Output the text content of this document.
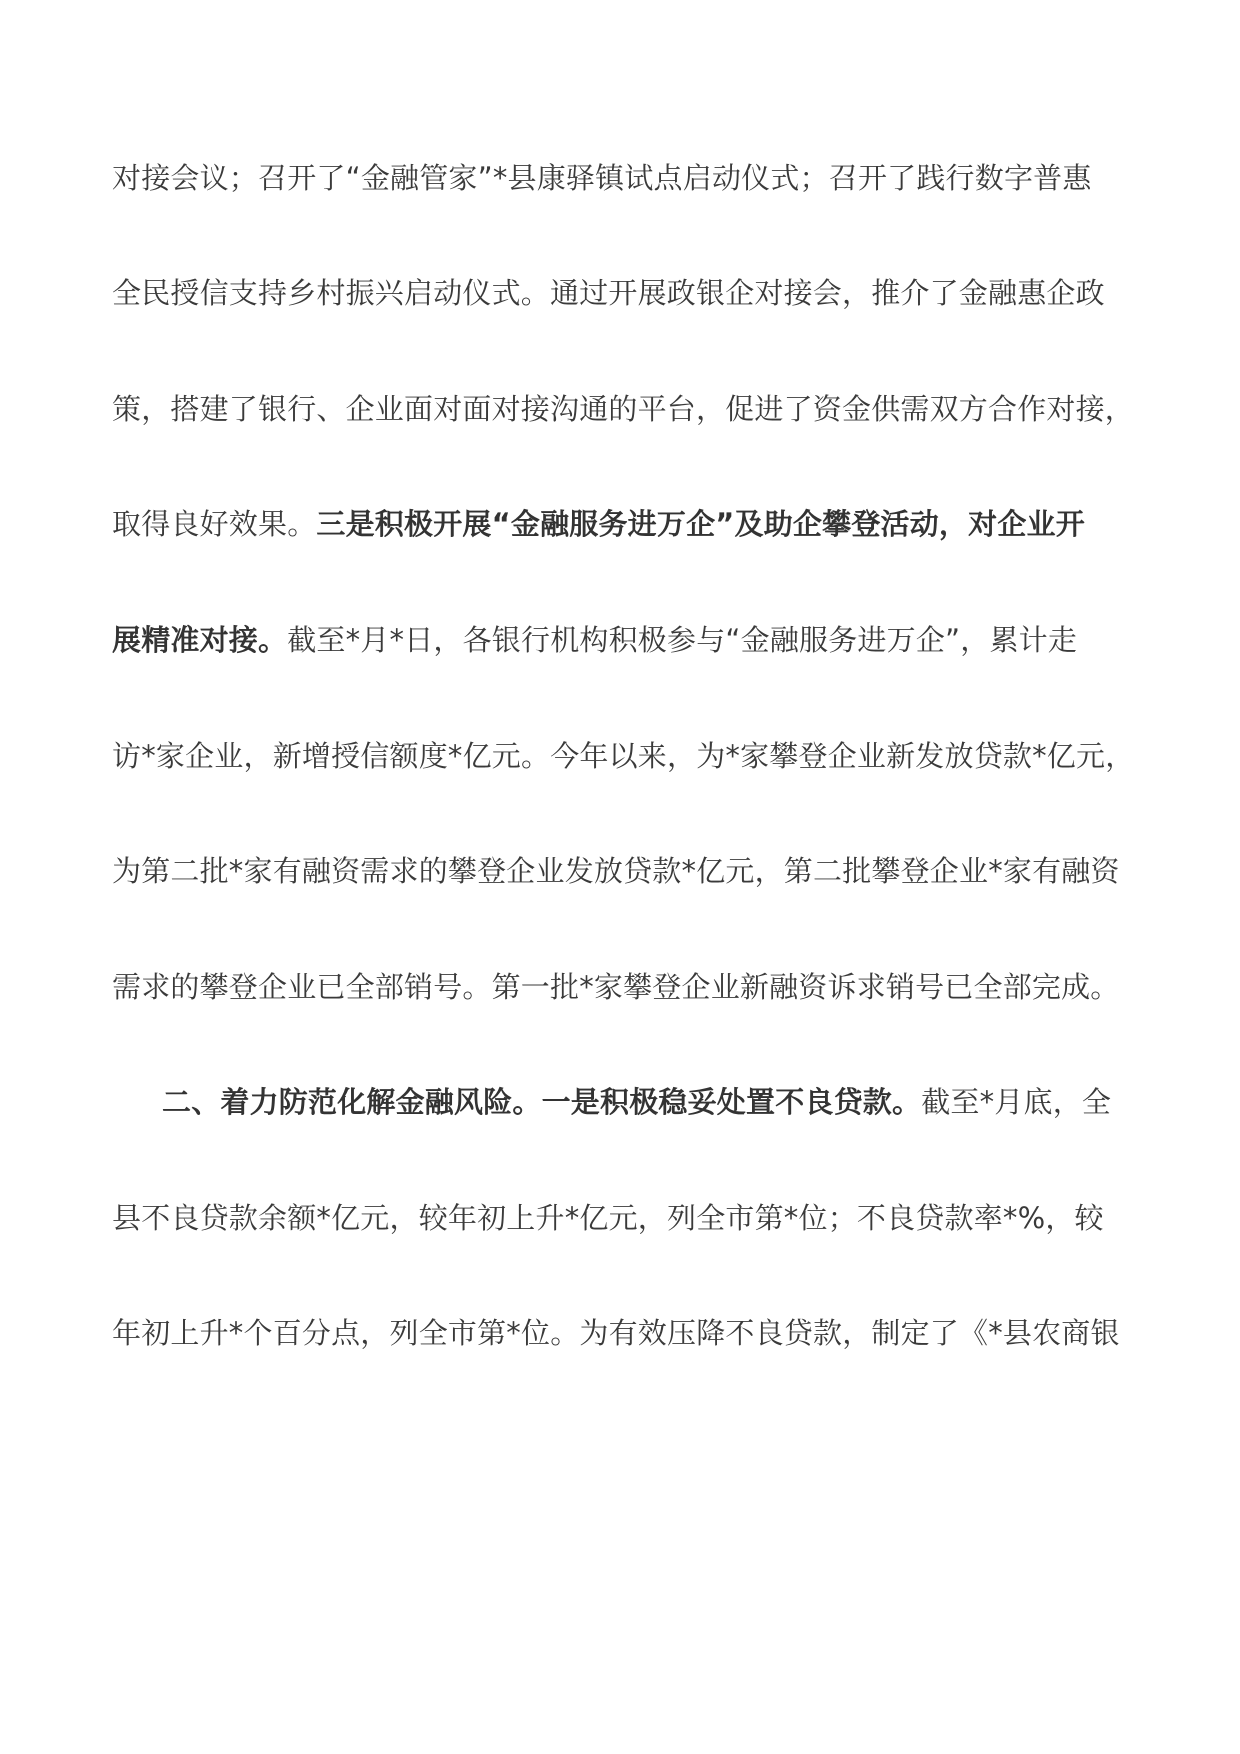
对接会议；召开了“金融管家”*县康驿镇试点启动仪式；召开了践行数字普惠
全民授信支持乡村振兴启动仪式。通过开展政银企对接会，推介了金融惠企政
策，搭建了银行、企业面对面对接沟通的平台，促进了资金供需双方合作对接，
取得良好效果。三是积极开展“金融服务进万企”及助企攀登活动，对企业开
展精准对接。截至*月*日，各银行机构积极参与“金融服务进万企”，累计走
访*家企业，新增授信额度*亿元。今年以来，为*家攀登企业新发放贷款*亿元，
为第二批*家有融资需求的攀登企业发放贷款*亿元，第二批攀登企业*家有融资
需求的攀登企业已全部销号。第一批*家攀登企业新融资诉求销号已全部完成。
二、着力防范化解金融风险。一是积极稳妥处置不良贷款。截至*月底，全
县不良贷款余额*亿元，较年初上升*亿元，列全市第*位；不良贷款率*%，较
年初上升*个百分点，列全市第*位。为有效压降不良贷款，制定了《*县农商银
